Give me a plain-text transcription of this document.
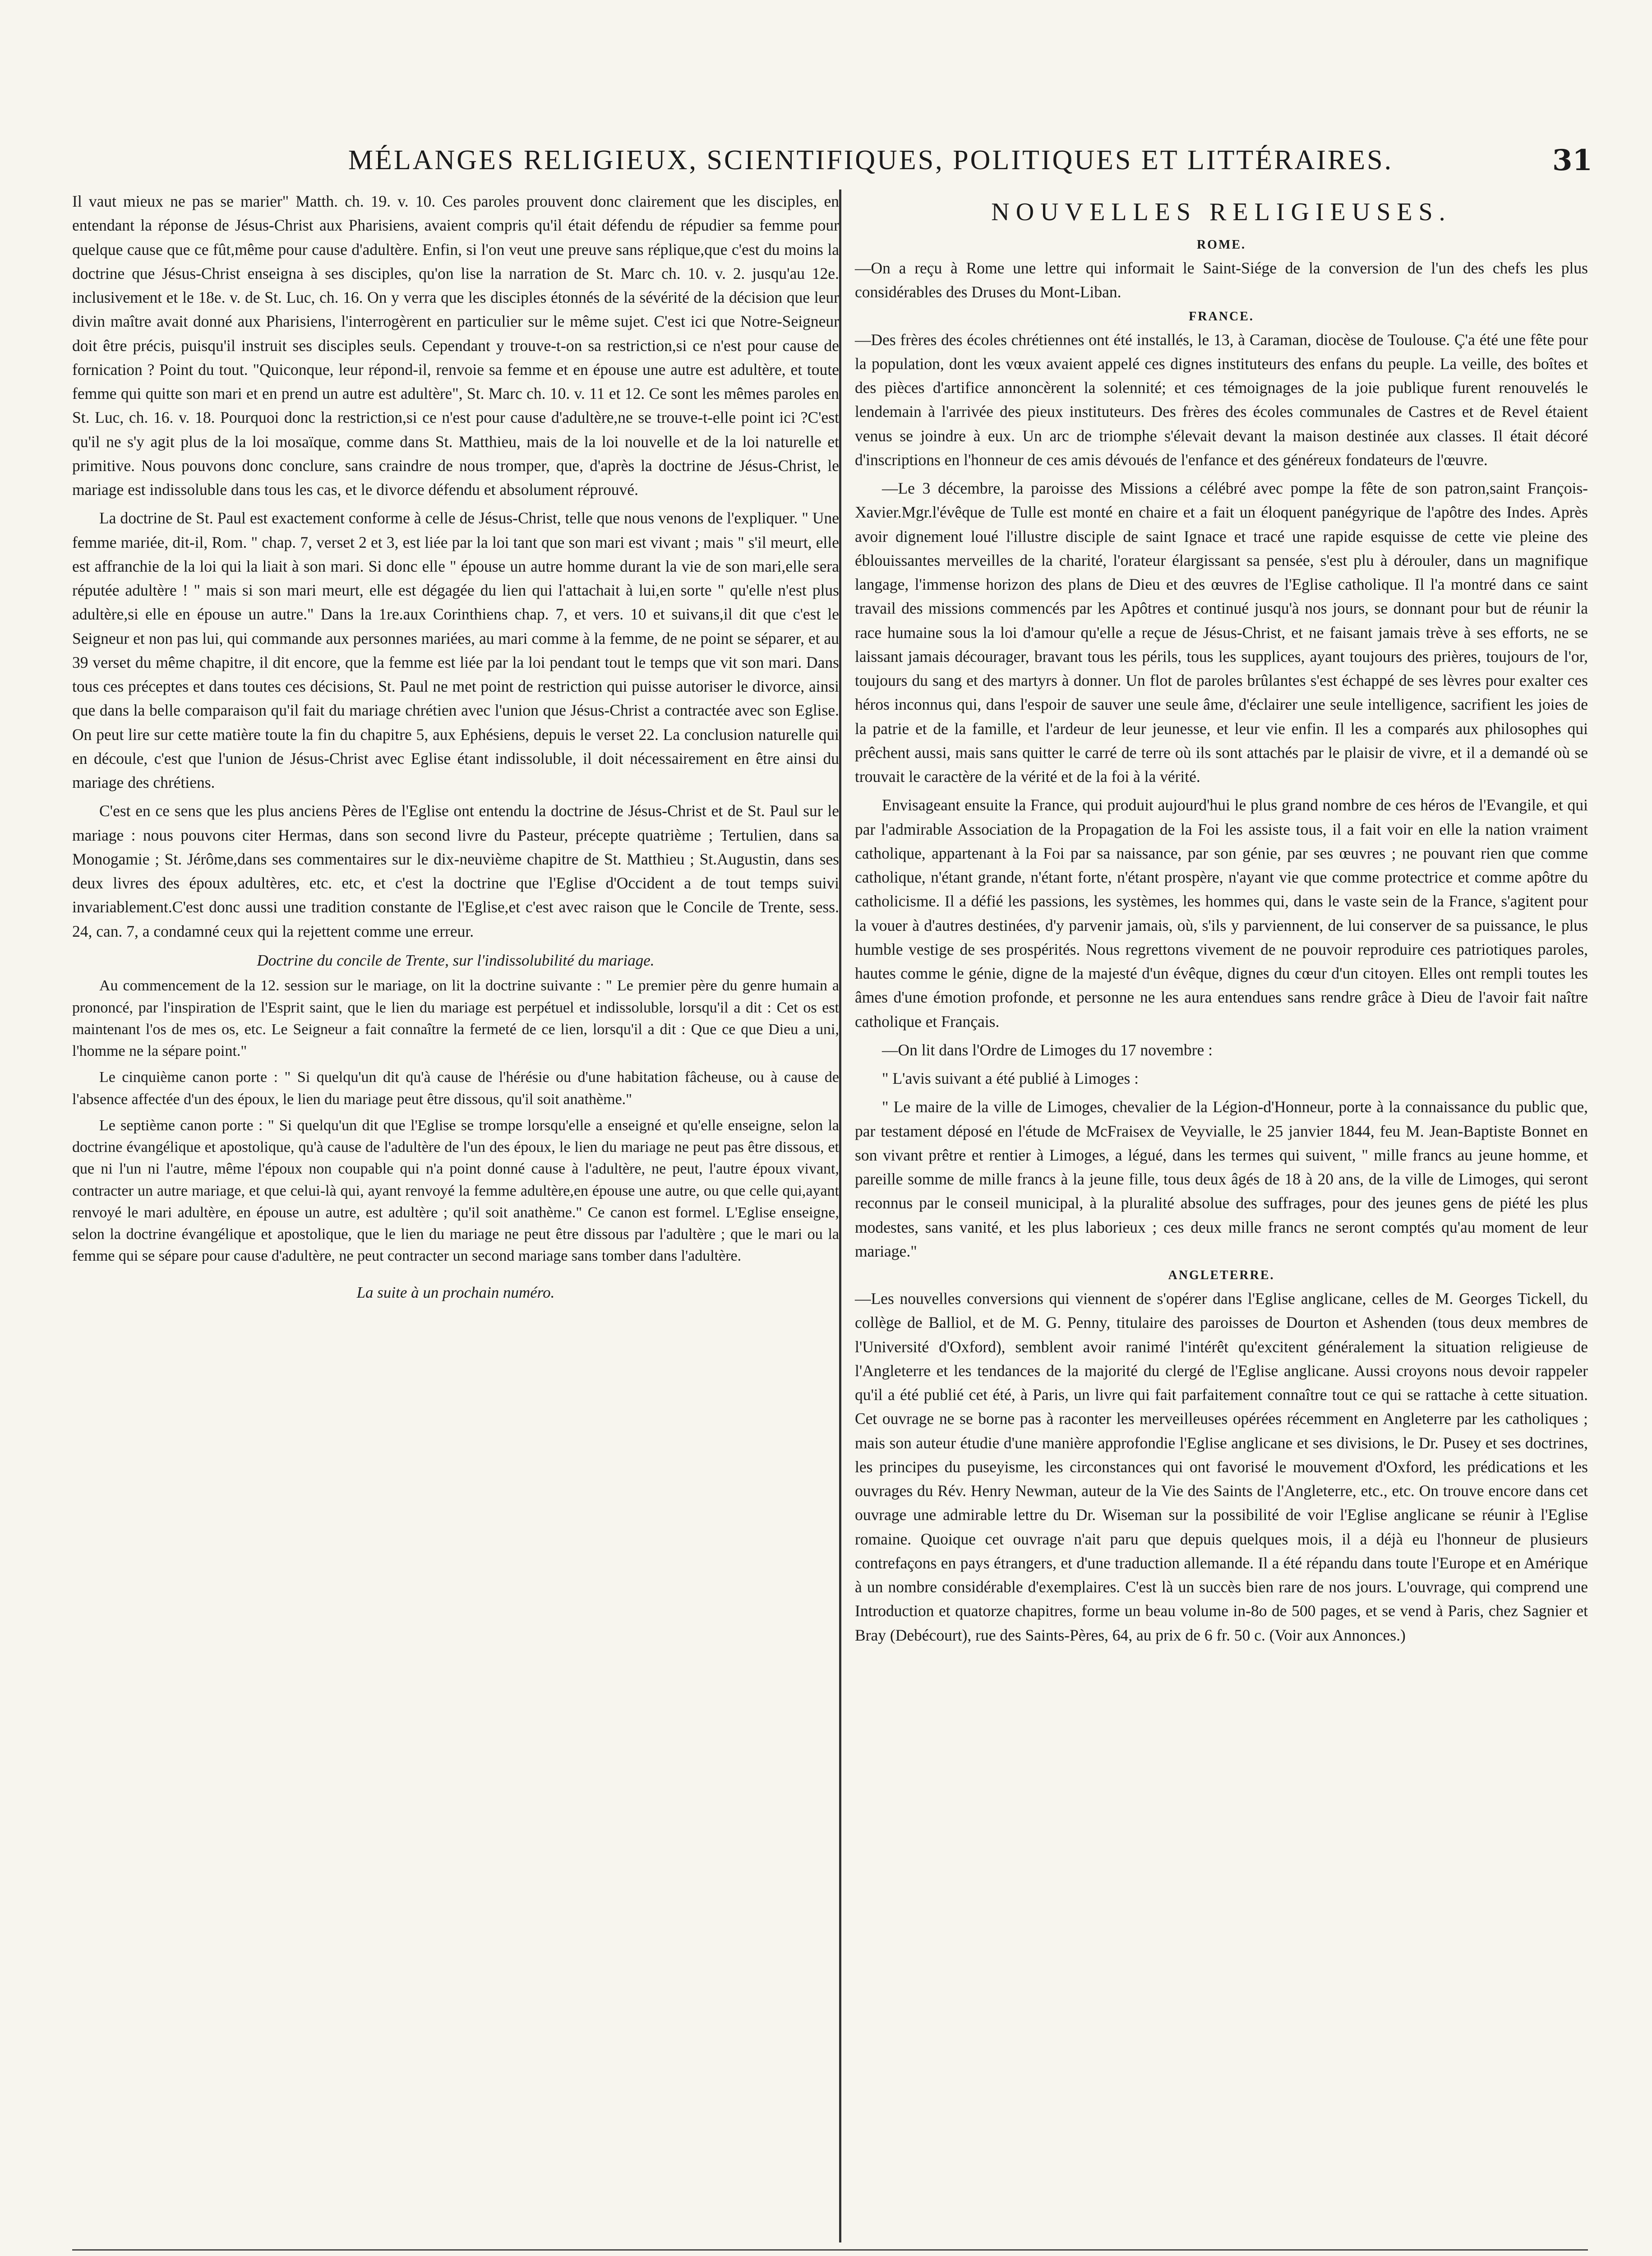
MÉLANGES RELIGIEUX, SCIENTIFIQUES, POLITIQUES ET LITTÉRAIRES.	31

Il vaut mieux ne pas se marier" Matth. ch. 19. v. 10. Ces paroles prouvent donc clairement que les disciples, en entendant la réponse de Jésus-Christ aux Pharisiens, avaient compris qu'il était défendu de répudier sa femme pour quelque cause que ce fût,même pour cause d'adultère. Enfin, si l'on veut une preuve sans réplique,que c'est du moins la doctrine que Jésus-Christ enseigna à ses disciples, qu'on lise la narration de St. Marc ch. 10. v. 2. jusqu'au 12e. inclusivement et le 18e. v. de St. Luc, ch. 16. On y verra que les disciples étonnés de la sévérité de la décision que leur divin maître avait donné aux Pharisiens, l'interrogèrent en particulier sur le même sujet. C'est ici que Notre-Seigneur doit être précis, puisqu'il instruit ses disciples seuls. Cependant y trouve-t-on sa restriction,si ce n'est pour cause de fornication ? Point du tout. "Quiconque, leur répond-il, renvoie sa femme et en épouse une autre est adultère, et toute femme qui quitte son mari et en prend un autre est adultère", St. Marc ch. 10. v. 11 et 12. Ce sont les mêmes paroles en St. Luc, ch. 16. v. 18. Pourquoi donc la restriction,si ce n'est pour cause d'adultère,ne se trouve-t-elle point ici ?C'est qu'il ne s'y agit plus de la loi mosaïque, comme dans St. Matthieu, mais de la loi nouvelle et de la loi naturelle et primitive. Nous pouvons donc conclure, sans craindre de nous tromper, que, d'après la doctrine de Jésus-Christ, le mariage est indissoluble dans tous les cas, et le divorce défendu et absolument réprouvé.

La doctrine de St. Paul est exactement conforme à celle de Jésus-Christ, telle que nous venons de l'expliquer. " Une femme mariée, dit-il, Rom. " chap. 7, verset 2 et 3, est liée par la loi tant que son mari est vivant ; mais " s'il meurt, elle est affranchie de la loi qui la liait à son mari. Si donc elle " épouse un autre homme durant la vie de son mari,elle sera réputée adultère ! " mais si son mari meurt, elle est dégagée du lien qui l'attachait à lui,en sorte " qu'elle n'est plus adultère,si elle en épouse un autre." Dans la 1re.aux Corinthiens chap. 7, et vers. 10 et suivans,il dit que c'est le Seigneur et non pas lui, qui commande aux personnes mariées, au mari comme à la femme, de ne point se séparer, et au 39 verset du même chapitre, il dit encore, que la femme est liée par la loi pendant tout le temps que vit son mari. Dans tous ces préceptes et dans toutes ces décisions, St. Paul ne met point de restriction qui puisse autoriser le divorce, ainsi que dans la belle comparaison qu'il fait du mariage chrétien avec l'union que Jésus-Christ a contractée avec son Eglise. On peut lire sur cette matière toute la fin du chapitre 5, aux Ephésiens, depuis le verset 22. La conclusion naturelle qui en découle, c'est que l'union de Jésus-Christ avec Eglise étant indissoluble, il doit nécessairement en être ainsi du mariage des chrétiens.

C'est en ce sens que les plus anciens Pères de l'Eglise ont entendu la doctrine de Jésus-Christ et de St. Paul sur le mariage : nous pouvons citer Hermas, dans son second livre du Pasteur, précepte quatrième ; Tertulien, dans sa Monogamie ; St. Jérôme,dans ses commentaires sur le dix-neuvième chapitre de St. Matthieu ; St.Augustin, dans ses deux livres des époux adultères, etc. etc, et c'est la doctrine que l'Eglise d'Occident a de tout temps suivi invariablement.C'est donc aussi une tradition constante de l'Eglise,et c'est avec raison que le Concile de Trente, sess. 24, can. 7, a condamné ceux qui la rejettent comme une erreur.

Doctrine du concile de Trente, sur l'indissolubilité du mariage.

Au commencement de la 12. session sur le mariage, on lit la doctrine suivante : " Le premier père du genre humain a prononcé, par l'inspiration de l'Esprit saint, que le lien du mariage est perpétuel et indissoluble, lorsqu'il a dit : Cet os est maintenant l'os de mes os, etc. Le Seigneur a fait connaître la fermeté de ce lien, lorsqu'il a dit : Que ce que Dieu a uni, l'homme ne la sépare point."

Le cinquième canon porte : " Si quelqu'un dit qu'à cause de l'hérésie ou d'une habitation fâcheuse, ou à cause de l'absence affectée d'un des époux, le lien du mariage peut être dissous, qu'il soit anathème."

Le septième canon porte : " Si quelqu'un dit que l'Eglise se trompe lorsqu'elle a enseigné et qu'elle enseigne, selon la doctrine évangélique et apostolique, qu'à cause de l'adultère de l'un des époux, le lien du mariage ne peut pas être dissous, et que ni l'un ni l'autre, même l'époux non coupable qui n'a point donné cause à l'adultère, ne peut, l'autre époux vivant, contracter un autre mariage, et que celui-là qui, ayant renvoyé la femme adultère,en épouse une autre, ou que celle qui,ayant renvoyé le mari adultère, en épouse un autre, est adultère ; qu'il soit anathème." Ce canon est formel. L'Eglise enseigne, selon la doctrine évangélique et apostolique, que le lien du mariage ne peut être dissous par l'adultère ; que le mari ou la femme qui se sépare pour cause d'adultère, ne peut contracter un second mariage sans tomber dans l'adultère.

La suite à un prochain numéro.
NOUVELLES RELIGIEUSES.
ROME.

—On a reçu à Rome une lettre qui informait le Saint-Siége de la conversion de l'un des chefs les plus considérables des Druses du Mont-Liban.

FRANCE.

—Des frères des écoles chrétiennes ont été installés, le 13, à Caraman, diocèse de Toulouse. Ç'a été une fête pour la population, dont les vœux avaient appelé ces dignes instituteurs des enfans du peuple. La veille, des boîtes et des pièces d'artifice annoncèrent la solennité; et ces témoignages de la joie publique furent renouvelés le lendemain à l'arrivée des pieux instituteurs. Des frères des écoles communales de Castres et de Revel étaient venus se joindre à eux. Un arc de triomphe s'élevait devant la maison destinée aux classes. Il était décoré d'inscriptions en l'honneur de ces amis dévoués de l'enfance et des généreux fondateurs de l'œuvre.

—Le 3 décembre, la paroisse des Missions a célébré avec pompe la fête de son patron,saint François-Xavier.Mgr.l'évêque de Tulle est monté en chaire et a fait un éloquent panégyrique de l'apôtre des Indes. Après avoir dignement loué l'illustre disciple de saint Ignace et tracé une rapide esquisse de cette vie pleine des éblouissantes merveilles de la charité, l'orateur élargissant sa pensée, s'est plu à dérouler, dans un magnifique langage, l'immense horizon des plans de Dieu et des œuvres de l'Eglise catholique. Il l'a montré dans ce saint travail des missions commencés par les Apôtres et continué jusqu'à nos jours, se donnant pour but de réunir la race humaine sous la loi d'amour qu'elle a reçue de Jésus-Christ, et ne faisant jamais trève à ses efforts, ne se laissant jamais décourager, bravant tous les périls, tous les supplices, ayant toujours des prières, toujours de l'or, toujours du sang et des martyrs à donner. Un flot de paroles brûlantes s'est échappé de ses lèvres pour exalter ces héros inconnus qui, dans l'espoir de sauver une seule âme, d'éclairer une seule intelligence, sacrifient les joies de la patrie et de la famille, et l'ardeur de leur jeunesse, et leur vie enfin. Il les a comparés aux philosophes qui prêchent aussi, mais sans quitter le carré de terre où ils sont attachés par le plaisir de vivre, et il a demandé où se trouvait le caractère de la vérité et de la foi à la vérité.

Envisageant ensuite la France, qui produit aujourd'hui le plus grand nombre de ces héros de l'Evangile, et qui par l'admirable Association de la Propagation de la Foi les assiste tous, il a fait voir en elle la nation vraiment catholique, appartenant à la Foi par sa naissance, par son génie, par ses œuvres ; ne pouvant rien que comme catholique, n'étant grande, n'étant forte, n'étant prospère, n'ayant vie que comme protectrice et comme apôtre du catholicisme. Il a défié les passions, les systèmes, les hommes qui, dans le vaste sein de la France, s'agitent pour la vouer à d'autres destinées, d'y parvenir jamais, où, s'ils y parviennent, de lui conserver de sa puissance, le plus humble vestige de ses prospérités. Nous regrettons vivement de ne pouvoir reproduire ces patriotiques paroles, hautes comme le génie, digne de la majesté d'un évêque, dignes du cœur d'un citoyen. Elles ont rempli toutes les âmes d'une émotion profonde, et personne ne les aura entendues sans rendre grâce à Dieu de l'avoir fait naître catholique et Français.

—On lit dans l'Ordre de Limoges du 17 novembre :

" L'avis suivant a été publié à Limoges :

" Le maire de la ville de Limoges, chevalier de la Légion-d'Honneur, porte à la connaissance du public que, par testament déposé en l'étude de McFraisex de Veyvialle, le 25 janvier 1844, feu M. Jean-Baptiste Bonnet en son vivant prêtre et rentier à Limoges, a légué, dans les termes qui suivent, " mille francs au jeune homme, et pareille somme de mille francs à la jeune fille, tous deux âgés de 18 à 20 ans, de la ville de Limoges, qui seront reconnus par le conseil municipal, à la pluralité absolue des suffrages, pour des jeunes gens de piété les plus modestes, sans vanité, et les plus laborieux ; ces deux mille francs ne seront comptés qu'au moment de leur mariage."

ANGLETERRE.

—Les nouvelles conversions qui viennent de s'opérer dans l'Eglise anglicane, celles de M. Georges Tickell, du collège de Balliol, et de M. G. Penny, titulaire des paroisses de Dourton et Ashenden (tous deux membres de l'Université d'Oxford), semblent avoir ranimé l'intérêt qu'excitent généralement la situation religieuse de l'Angleterre et les tendances de la majorité du clergé de l'Eglise anglicane. Aussi croyons nous devoir rappeler qu'il a été publié cet été, à Paris, un livre qui fait parfaitement connaître tout ce qui se rattache à cette situation. Cet ouvrage ne se borne pas à raconter les merveilleuses opérées récemment en Angleterre par les catholiques ; mais son auteur étudie d'une manière approfondie l'Eglise anglicane et ses divisions, le Dr. Pusey et ses doctrines, les principes du puseyisme, les circonstances qui ont favorisé le mouvement d'Oxford, les prédications et les ouvrages du Rév. Henry Newman, auteur de la Vie des Saints de l'Angleterre, etc., etc. On trouve encore dans cet ouvrage une admirable lettre du Dr. Wiseman sur la possibilité de voir l'Eglise anglicane se réunir à l'Eglise romaine. Quoique cet ouvrage n'ait paru que depuis quelques mois, il a déjà eu l'honneur de plusieurs contrefaçons en pays étrangers, et d'une traduction allemande. Il a été répandu dans toute l'Europe et en Amérique à un nombre considérable d'exemplaires. C'est là un succès bien rare de nos jours. L'ouvrage, qui comprend une Introduction et quatorze chapitres, forme un beau volume in-8o de 500 pages, et se vend à Paris, chez Sagnier et Bray (Debécourt), rue des Saints-Pères, 64, au prix de 6 fr. 50 c. (Voir aux Annonces.)
